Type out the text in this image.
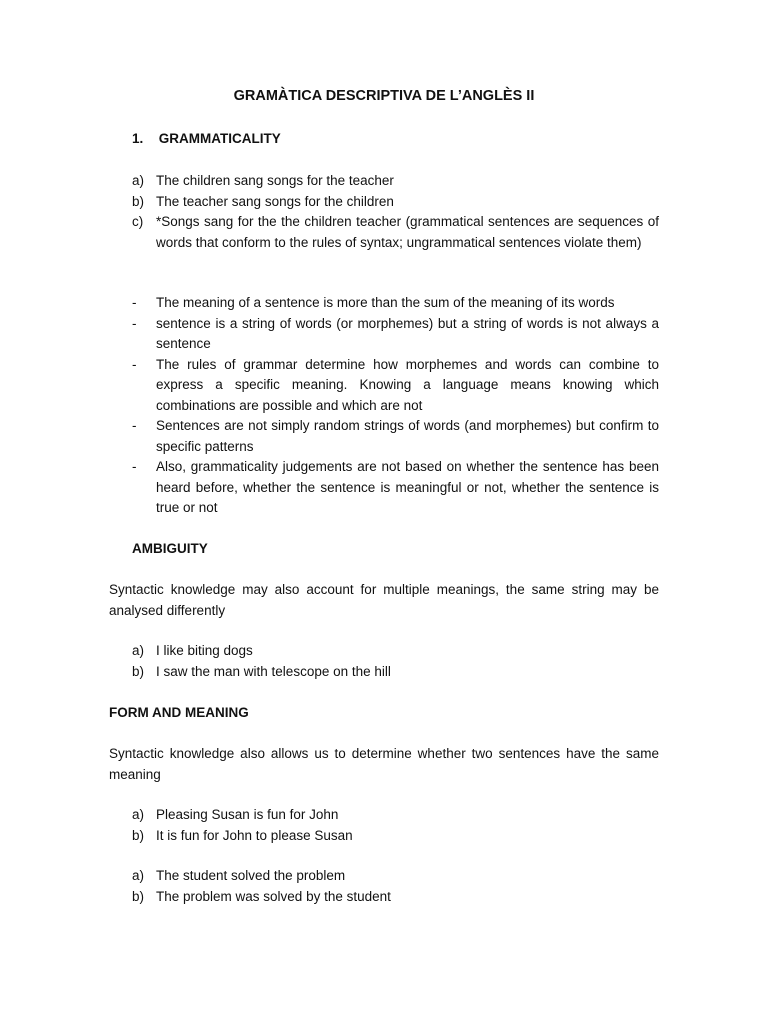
GRAMÀTICA DESCRIPTIVA DE L’ANGLÈS II
1. GRAMMATICALITY
a) The children sang songs for the teacher
b) The teacher sang songs for the children
c) *Songs sang for the the children teacher (grammatical sentences are sequences of words that conform to the rules of syntax; ungrammatical sentences violate them)
- The meaning of a sentence is more than the sum of the meaning of its words
- sentence is a string of words (or morphemes) but a string of words is not always a sentence
- The rules of grammar determine how morphemes and words can combine to express a specific meaning. Knowing a language means knowing which combinations are possible and which are not
- Sentences are not simply random strings of words (and morphemes) but confirm to specific patterns
- Also, grammaticality judgements are not based on whether the sentence has been heard before, whether the sentence is meaningful or not, whether the sentence is true or not
AMBIGUITY

Syntactic knowledge may also account for multiple meanings, the same string may be analysed differently

a) I like biting dogs
b) I saw the man with telescope on the hill
FORM AND MEANING

Syntactic knowledge also allows us to determine whether two sentences have the same meaning

a) Pleasing Susan is fun for John
b) It is fun for John to please Susan
a) The student solved the problem
b) The problem was solved by the student
